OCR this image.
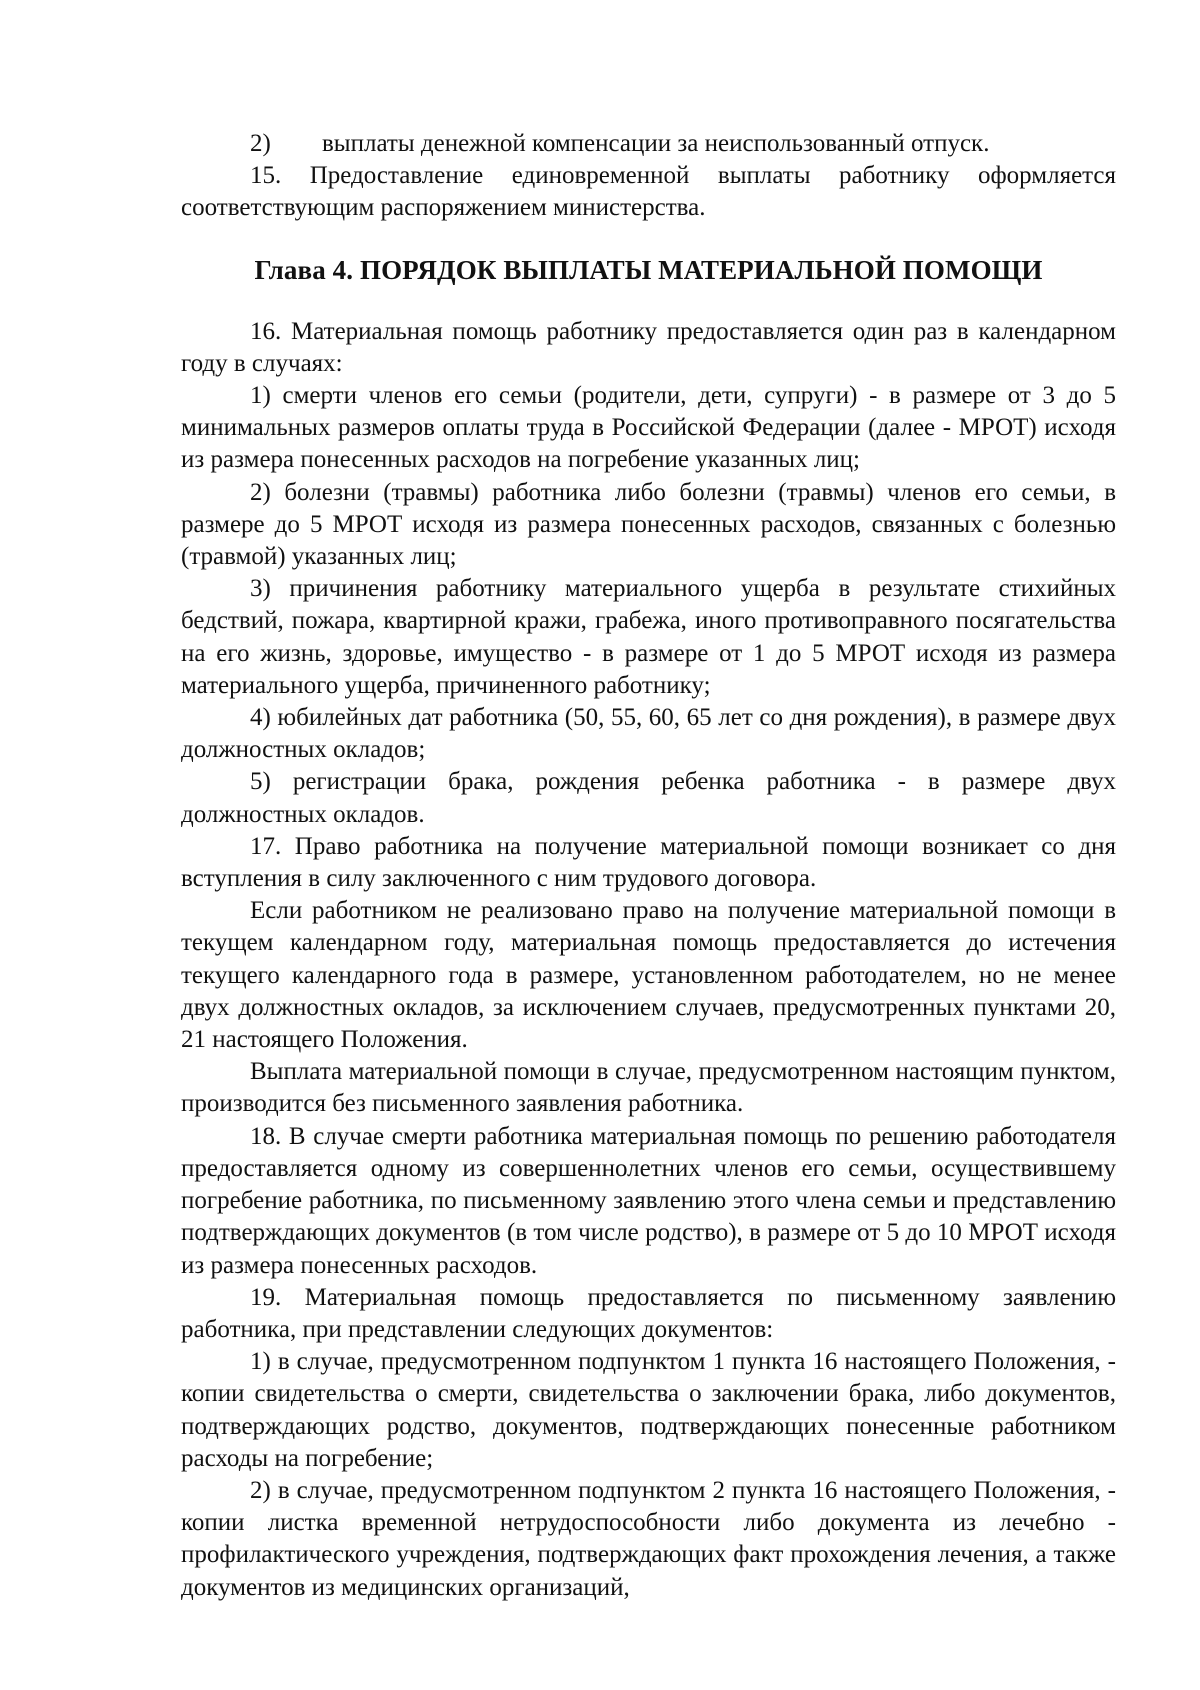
2) выплаты денежной компенсации за неиспользованный отпуск.

15. Предоставление единовременной выплаты работнику оформляется соответствующим распоряжением министерства.

Глава 4. ПОРЯДОК ВЫПЛАТЫ МАТЕРИАЛЬНОЙ ПОМОЩИ

16. Материальная помощь работнику предоставляется один раз в календарном году в случаях:

1) смерти членов его семьи (родители, дети, супруги) - в размере от 3 до 5 минимальных размеров оплаты труда в Российской Федерации (далее - МРОТ) исходя из размера понесенных расходов на погребение указанных лиц;

2) болезни (травмы) работника либо болезни (травмы) членов его семьи, в размере до 5 МРОТ исходя из размера понесенных расходов, связанных с болезнью (травмой) указанных лиц;

3) причинения работнику материального ущерба в результате стихийных бедствий, пожара, квартирной кражи, грабежа, иного противоправного посягательства на его жизнь, здоровье, имущество - в размере от 1 до 5 МРОТ исходя из размера материального ущерба, причиненного работнику;

4) юбилейных дат работника (50, 55, 60, 65 лет со дня рождения), в размере двух должностных окладов;

5) регистрации брака, рождения ребенка работника - в размере двух должностных окладов.

17. Право работника на получение материальной помощи возникает со дня вступления в силу заключенного с ним трудового договора.

Если работником не реализовано право на получение материальной помощи в текущем календарном году, материальная помощь предоставляется до истечения текущего календарного года в размере, установленном работодателем, но не менее двух должностных окладов, за исключением случаев, предусмотренных пунктами 20, 21 настоящего Положения.

Выплата материальной помощи в случае, предусмотренном настоящим пунктом, производится без письменного заявления работника.

18. В случае смерти работника материальная помощь по решению работодателя предоставляется одному из совершеннолетних членов его семьи, осуществившему погребение работника, по письменному заявлению этого члена семьи и представлению подтверждающих документов (в том числе родство), в размере от 5 до 10 МРОТ исходя из размера понесенных расходов.

19. Материальная помощь предоставляется по письменному заявлению работника, при представлении следующих документов:

1) в случае, предусмотренном подпунктом 1 пункта 16 настоящего Положения, - копии свидетельства о смерти, свидетельства о заключении брака, либо документов, подтверждающих родство, документов, подтверждающих понесенные работником расходы на погребение;

2) в случае, предусмотренном подпунктом 2 пункта 16 настоящего Положения, - копии листка временной нетрудоспособности либо документа из лечебно - профилактического учреждения, подтверждающих факт прохождения лечения, а также документов из медицинских организаций,
